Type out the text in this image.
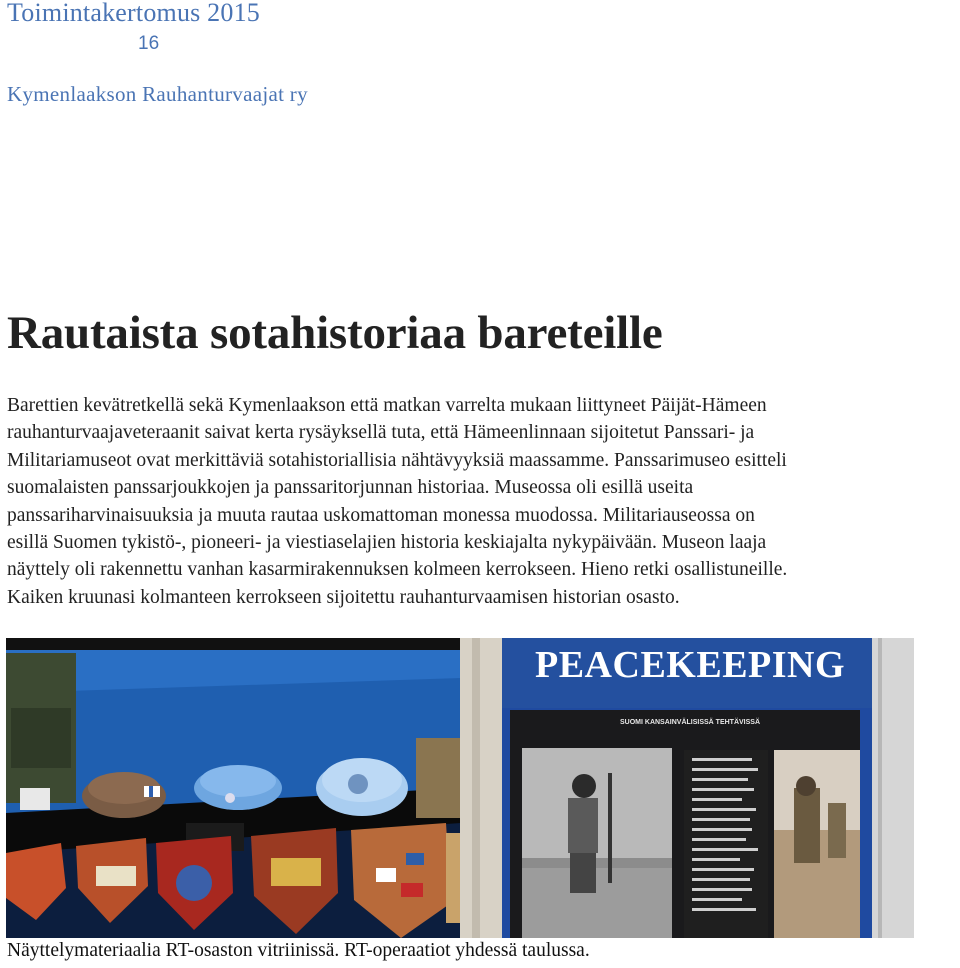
Toimintakertomus 2015
16
Kymenlaakson Rauhanturvaajat ry
Rautaista sotahistoriaa bareteille
Barettien kevätretkellä sekä Kymenlaakson että matkan varrelta mukaan liittyneet Päijät-Hämeen
rauhanturvaajaveteraanit saivat kerta rysäyksellä tuta, että Hämeenlinnaan sijoitetut Panssari- ja
Militariamuseot ovat merkittäviä sotahistoriallisia nähtävyyksiä maassamme. Panssarimuseo esitteli
suomalaisten panssarjoukkojen ja panssaritorjunnan historiaa. Museossa oli esillä useita
panssariharvinaisuuksia ja muuta rautaa uskomattoman monessa muodossa. Militariauseossa on
esillä Suomen tykistö-, pioneeri- ja viestiaselajien historia keskiajalta nykypäivään. Museon laaja
näyttely oli rakennettu vanhan kasarmirakennuksen kolmeen kerrokseen. Hieno retki osallistuneille.
Kaiken kruunasi kolmanteen kerrokseen sijoitettu rauhanturvaamisen historian osasto.
PEACEKEEPING
SUOMI KANSAINVÄLISISSÄ TEHTÄVISSÄ

Näyttelymateriaalia RT-osaston vitriinissä. RT-operaatiot yhdessä taulussa.
